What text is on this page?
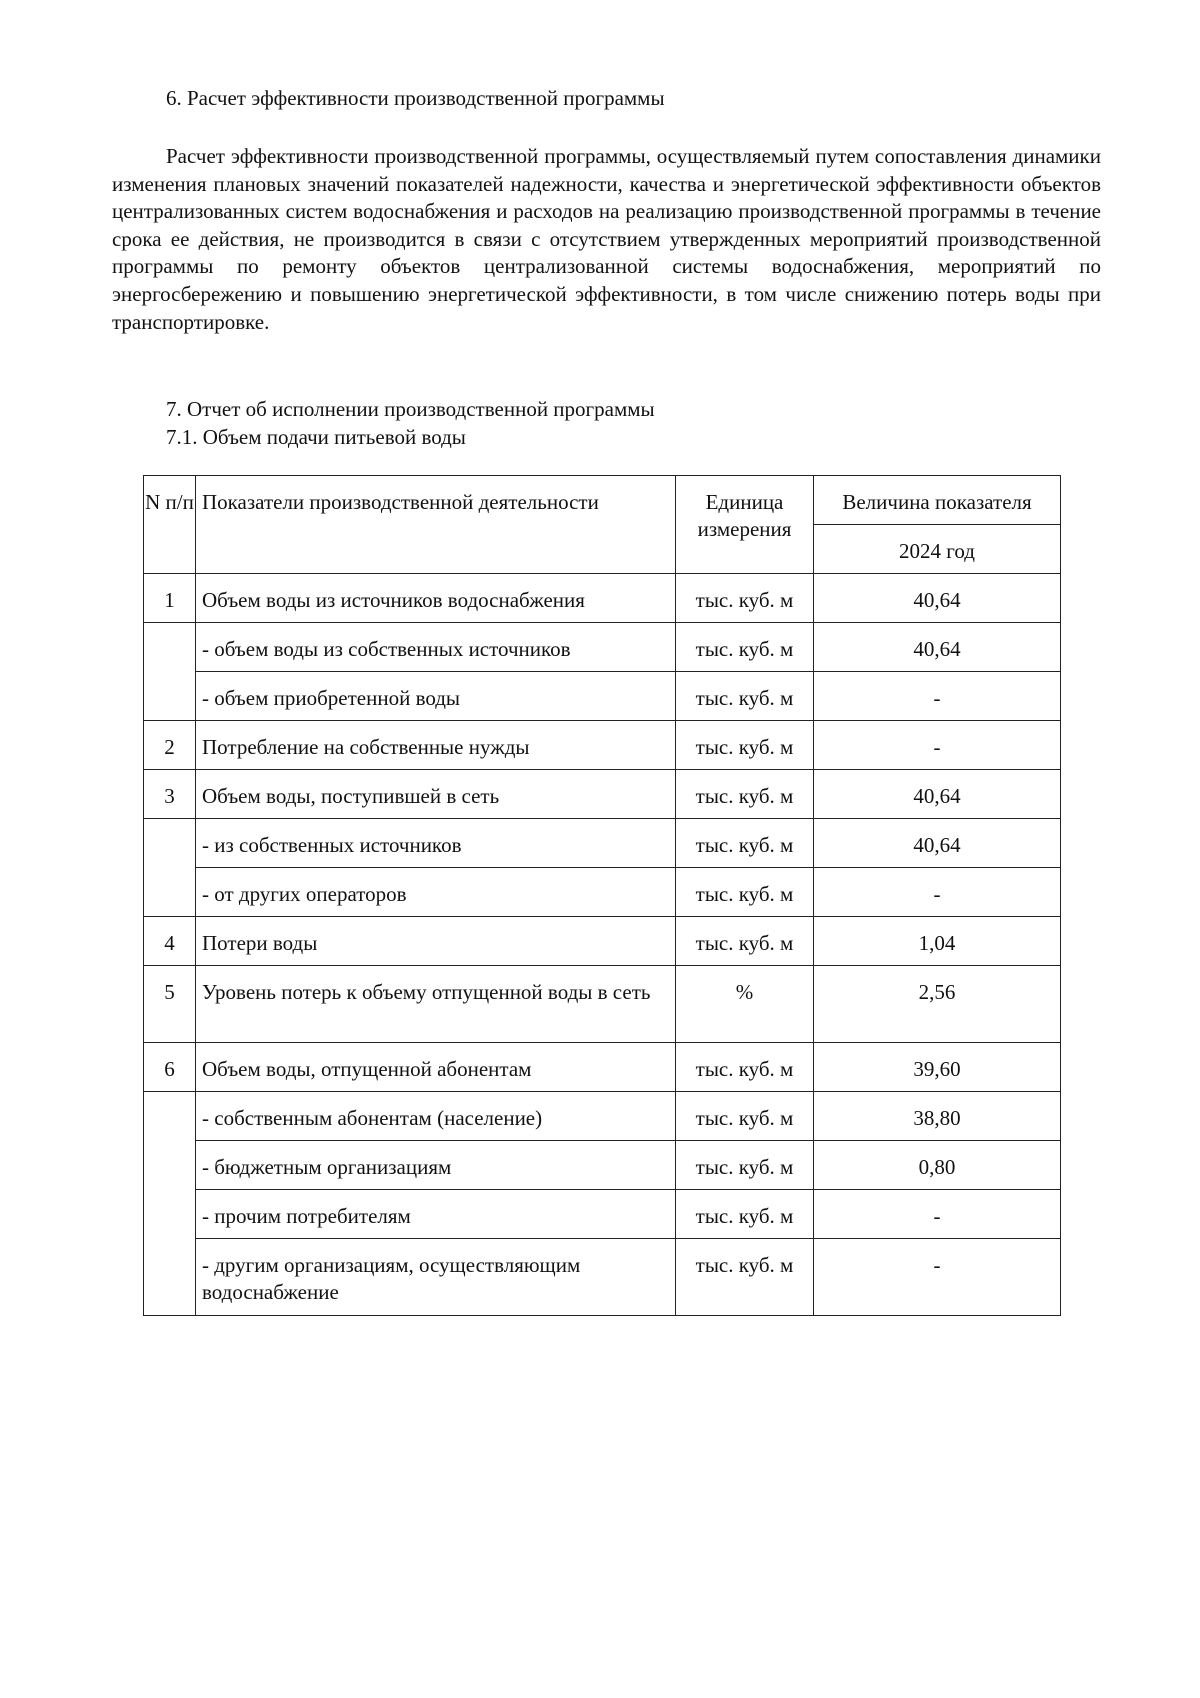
6. Расчет эффективности производственной программы

Расчет эффективности производственной программы, осуществляемый путем сопоставления динамики изменения плановых значений показателей надежности, качества и энергетической эффективности объектов централизованных систем водоснабжения и расходов на реализацию производственной программы в течение срока ее действия, не производится в связи с отсутствием утвержденных мероприятий производственной программы по ремонту объектов централизованной системы водоснабжения, мероприятий по энергосбережению и повышению энергетической эффективности, в том числе снижению потерь воды при транспортировке.

7. Отчет об исполнении производственной программы
7.1. Объем подачи питьевой воды
N п/п	Показатели производственной деятельности	Единица измерения	Величина показателя

			2024 год

1	Объем воды из источников водоснабжения	тыс. куб. м	40,64

	- объем воды из собственных источников	тыс. куб. м	40,64

	- объем приобретенной воды	тыс. куб. м	-

2	Потребление на собственные нужды	тыс. куб. м	-

3	Объем воды, поступившей в сеть	тыс. куб. м	40,64

	- из собственных источников	тыс. куб. м	40,64

	- от других операторов	тыс. куб. м	-

4	Потери воды	тыс. куб. м	1,04

5	Уровень потерь к объему отпущенной воды в сеть	%	2,56

6	Объем воды, отпущенной абонентам	тыс. куб. м	39,60

	- собственным абонентам (население)	тыс. куб. м	38,80

	- бюджетным организациям	тыс. куб. м	0,80

	- прочим потребителям	тыс. куб. м	-

	- другим организациям, осуществляющим водоснабжение	тыс. куб. м	-
